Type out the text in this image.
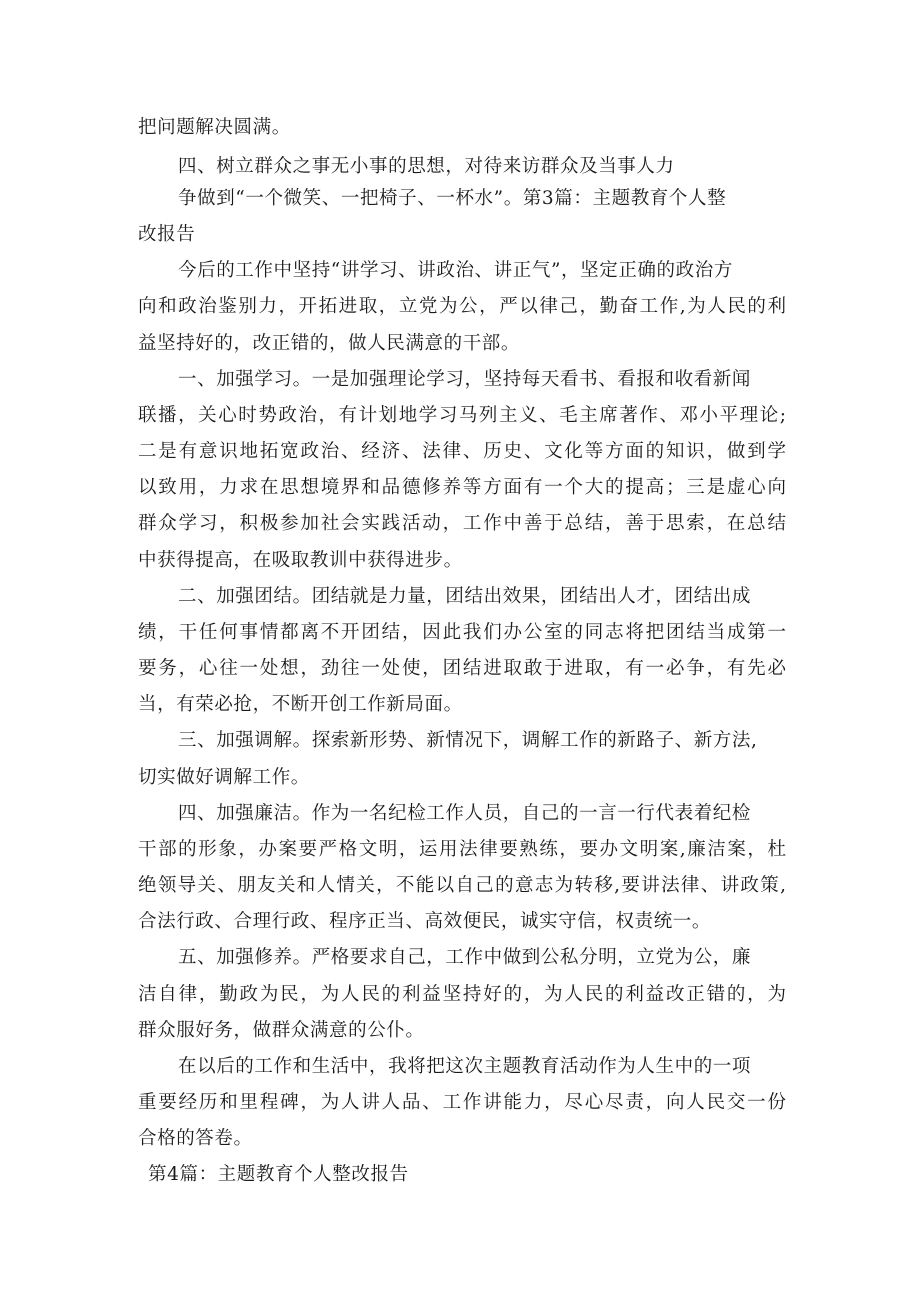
把问题解决圆满。
四、树立群众之事无小事的思想，对待来访群众及当事人力
争做到“一个微笑、一把椅子、一杯水”。第3篇：主题教育个人整
改报告
今后的工作中坚持“讲学习、讲政治、讲正气”，坚定正确的政治方
向和政治鉴别力，开拓进取，立党为公，严以律己，勤奋工作,为人民的利
益坚持好的，改正错的，做人民满意的干部。
一、加强学习。一是加强理论学习，坚持每天看书、看报和收看新闻
联播，关心时势政治，有计划地学习马列主义、毛主席著作、邓小平理论;
二是有意识地拓宽政治、经济、法律、历史、文化等方面的知识，做到学
以致用，力求在思想境界和品德修养等方面有一个大的提高；三是虚心向
群众学习，积极参加社会实践活动，工作中善于总结，善于思索，在总结
中获得提高，在吸取教训中获得进步。
二、加强团结。团结就是力量，团结出效果，团结出人才，团结出成
绩，干任何事情都离不开团结，因此我们办公室的同志将把团结当成第一
要务，心往一处想，劲往一处使，团结进取敢于进取，有一必争，有先必
当，有荣必抢，不断开创工作新局面。
三、加强调解。探索新形势、新情况下，调解工作的新路子、新方法,
切实做好调解工作。
四、加强廉洁。作为一名纪检工作人员，自己的一言一行代表着纪检
干部的形象，办案要严格文明，运用法律要熟练，要办文明案,廉洁案，杜
绝领导关、朋友关和人情关，不能以自己的意志为转移,要讲法律、讲政策,
合法行政、合理行政、程序正当、高效便民，诚实守信，权责统一。
五、加强修养。严格要求自己，工作中做到公私分明，立党为公，廉
洁自律，勤政为民，为人民的利益坚持好的，为人民的利益改正错的，为
群众服好务，做群众满意的公仆。
在以后的工作和生活中，我将把这次主题教育活动作为人生中的一项
重要经历和里程碑，为人讲人品、工作讲能力，尽心尽责，向人民交一份
合格的答卷。
第4篇：主题教育个人整改报告
